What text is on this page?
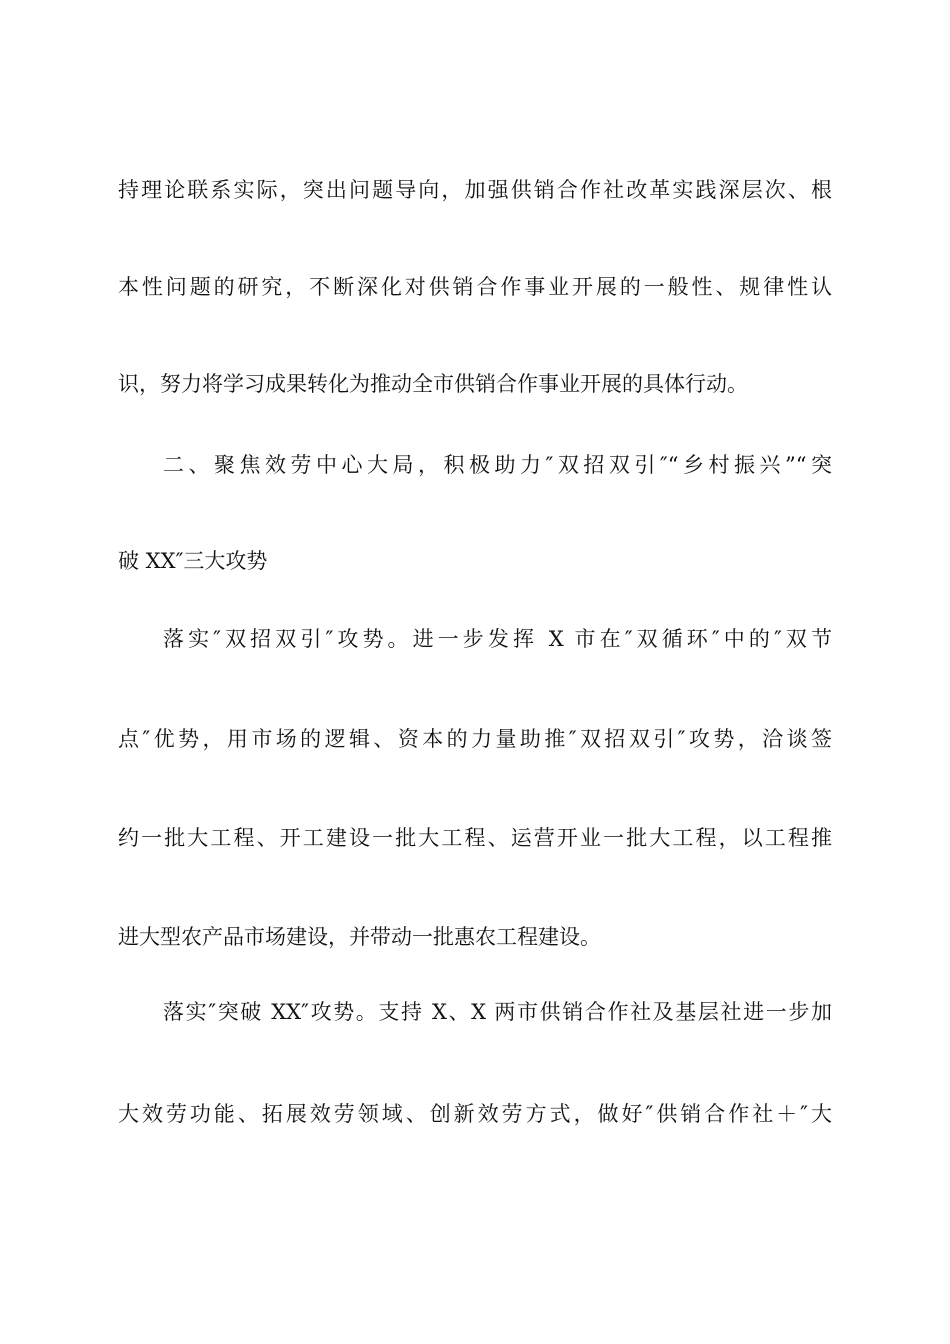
持理论联系实际，突出问题导向，加强供销合作社改革实践深层次、根
本性问题的研究，不断深化对供销合作事业开展的一般性、规律性认
识，努力将学习成果转化为推动全市供销合作事业开展的具体行动。
二、聚焦效劳中心大局，积极助力″双招双引″“乡村振兴”“突
破 XX″三大攻势
落实″双招双引″攻势。进一步发挥 X 市在″双循环″中的″双节
点″优势，用市场的逻辑、资本的力量助推″双招双引″攻势，洽谈签
约一批大工程、开工建设一批大工程、运营开业一批大工程，以工程推
进大型农产品市场建设，并带动一批惠农工程建设。
落实″突破 XX″攻势。支持 X、X 两市供销合作社及基层社进一步加
大效劳功能、拓展效劳领域、创新效劳方式，做好″供销合作社＋″大
